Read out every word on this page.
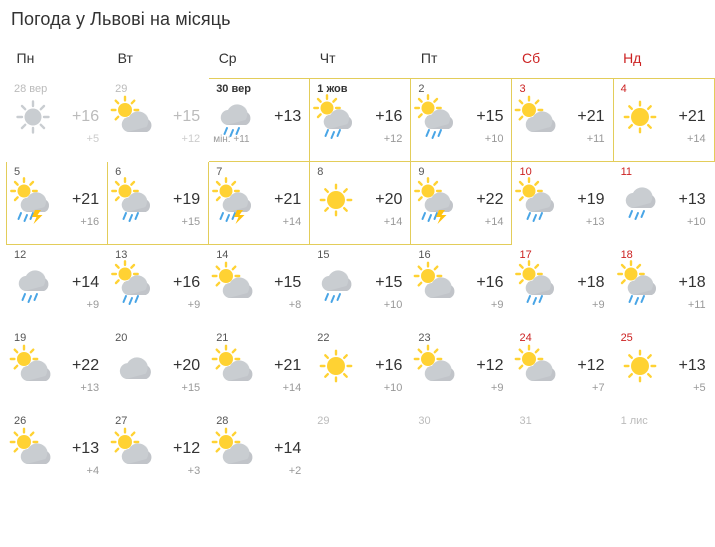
Погода у Львові на місяць
Пн	Вт	Ср	Чт	Пт	Сб	Нд

28 вер
+16
+5	29
+15
+12	30 вер
+13
мін: +11	1 жов
+16
+12	2
+15
+10	3
+21
+11	4
+21
+14

5
+21
+16	6
+19
+15	7
+21
+14	8
+20
+14	9
+22
+14	10
+19
+13	11
+13
+10

12
+14
+9	13
+16
+9	14
+15
+8	15
+15
+10	16
+16
+9	17
+18
+9	18
+18
+11

19
+22
+13	20
+20
+15	21
+21
+14	22
+16
+10	23
+12
+9	24
+12
+7	25
+13
+5

26
+13
+4	27
+12
+3	28
+14
+2	29	30	31	1 лис
